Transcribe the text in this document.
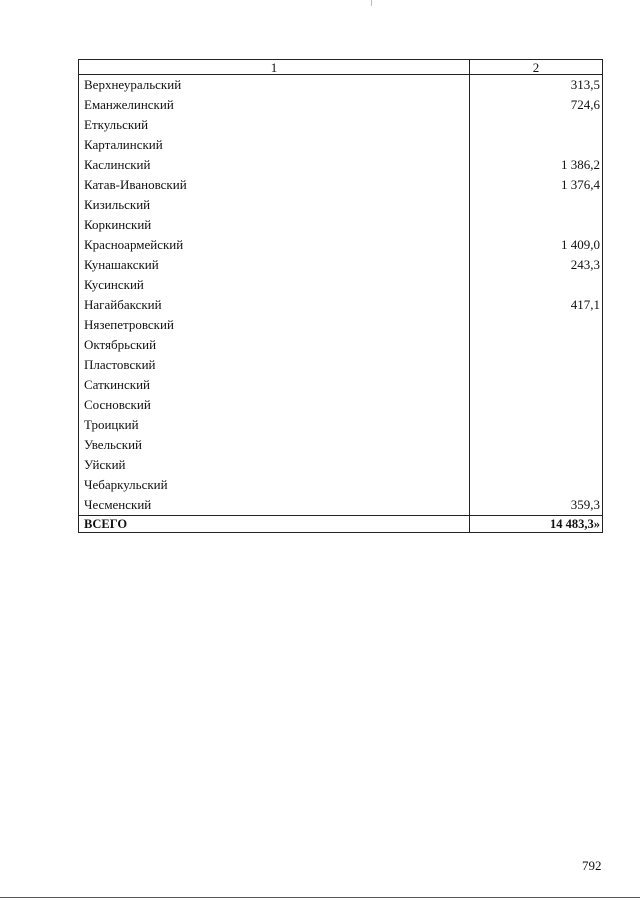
1	2
Верхнеуральский	313,5
Еманжелинский	724,6
Еткульский	
Карталинский	
Каслинский	1 386,2
Катав-Ивановский	1 376,4
Кизильский	
Коркинский	
Красноармейский	1 409,0
Кунашакский	243,3
Кусинский	
Нагайбакский	417,1
Нязепетровский	
Октябрьский	
Пластовский	
Саткинский	
Сосновский	
Троицкий	
Увельский	
Уйский	
Чебаркульский	
Чесменский	359,3
ВСЕГО	14 483,3»
792
